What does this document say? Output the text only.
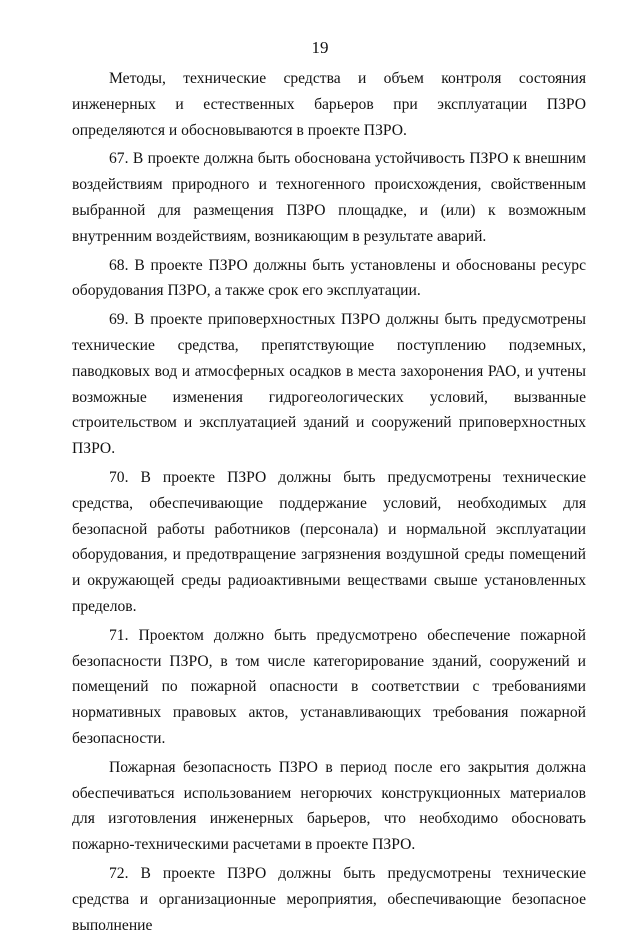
19

Методы, технические средства и объем контроля состояния инженерных и естественных барьеров при эксплуатации ПЗРО определяются и обосновываются в проекте ПЗРО.

67. В проекте должна быть обоснована устойчивость ПЗРО к внешним воздействиям природного и техногенного происхождения, свойственным выбранной для размещения ПЗРО площадке, и (или) к возможным внутренним воздействиям, возникающим в результате аварий.

68. В проекте ПЗРО должны быть установлены и обоснованы ресурс оборудования ПЗРО, а также срок его эксплуатации.

69. В проекте приповерхностных ПЗРО должны быть предусмотрены технические средства, препятствующие поступлению подземных, паводковых вод и атмосферных осадков в места захоронения РАО, и учтены возможные изменения гидрогеологических условий, вызванные строительством и эксплуатацией зданий и сооружений приповерхностных ПЗРО.

70. В проекте ПЗРО должны быть предусмотрены технические средства, обеспечивающие поддержание условий, необходимых для безопасной работы работников (персонала) и нормальной эксплуатации оборудования, и предотвращение загрязнения воздушной среды помещений и окружающей среды радиоактивными веществами свыше установленных пределов.

71. Проектом должно быть предусмотрено обеспечение пожарной безопасности ПЗРО, в том числе категорирование зданий, сооружений и помещений по пожарной опасности в соответствии с требованиями нормативных правовых актов, устанавливающих требования пожарной безопасности.

Пожарная безопасность ПЗРО в период после его закрытия должна обеспечиваться использованием негорючих конструкционных материалов для изготовления инженерных барьеров, что необходимо обосновать пожарно-техническими расчетами в проекте ПЗРО.

72. В проекте ПЗРО должны быть предусмотрены технические средства и организационные мероприятия, обеспечивающие безопасное выполнение
